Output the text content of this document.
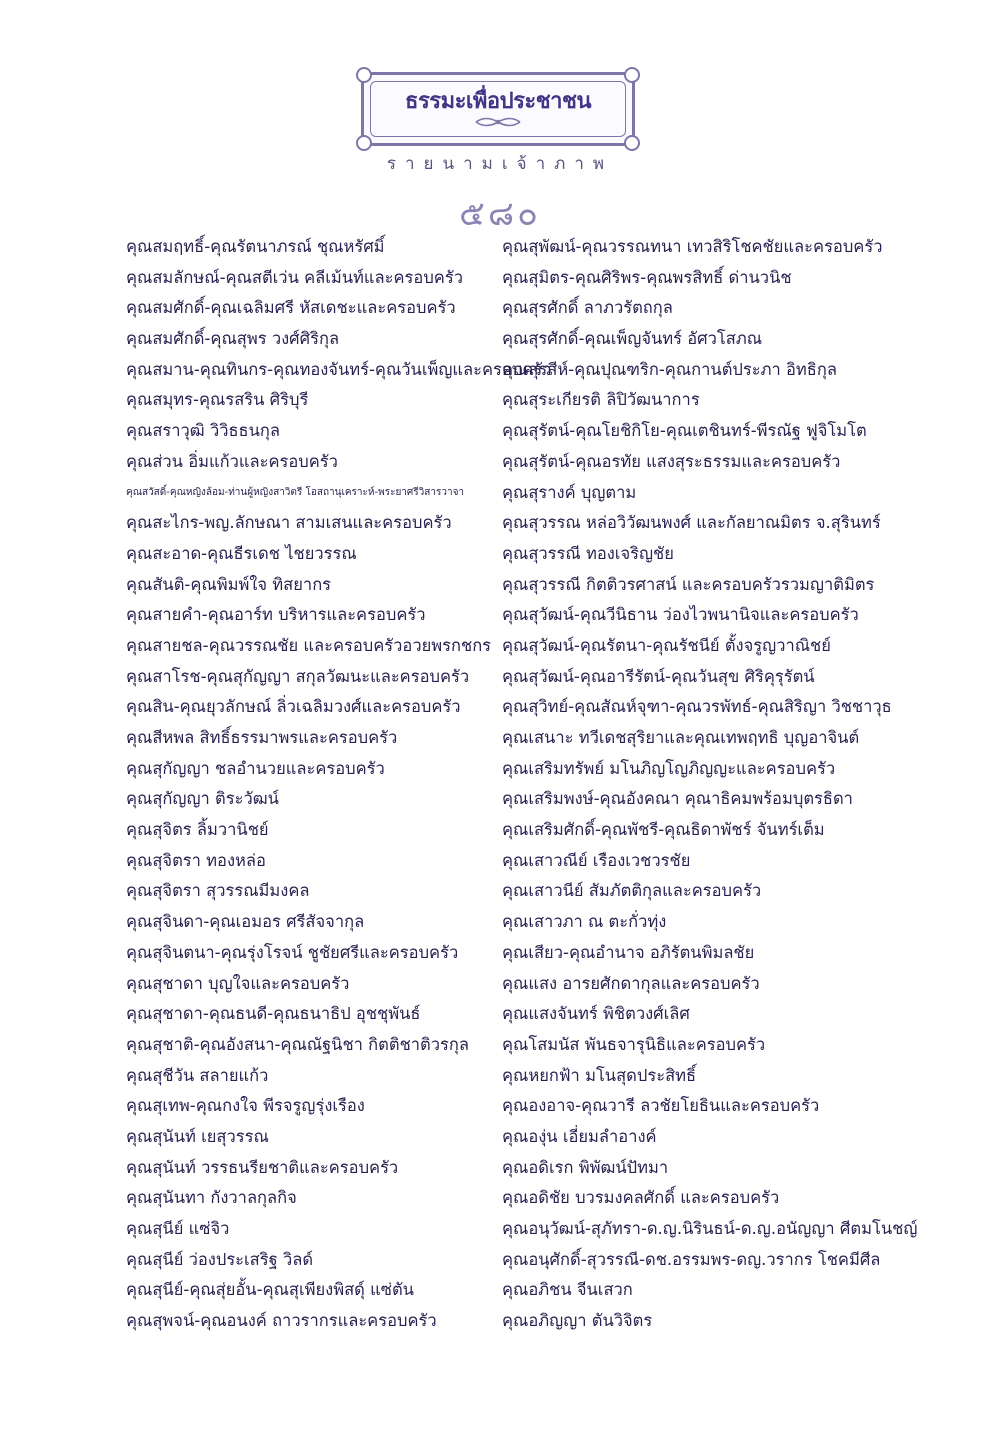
ธรรมะเพื่อประชาชน
รายนามเจ้าภาพ
๕๘๐
คุณสมฤทธิ์-คุณรัตนาภรณ์ ชุณหรัศมิ์
คุณสมลักษณ์-คุณสตีเว่น คลีเม้นท์และครอบครัว
คุณสมศักดิ์-คุณเฉลิมศรี หัสเดชะและครอบครัว
คุณสมศักดิ์-คุณสุพร วงศ์ศิริกุล
คุณสมาน-คุณทินกร-คุณทองจันทร์-คุณวันเพ็ญและครอบครัว
คุณสมุทร-คุณรสริน ศิริบุรี
คุณสราวุฒิ วิวิธธนกุล
คุณส่วน อิ่มแก้วและครอบครัว
คุณสวัสดิ์-คุณหญิงล้อม-ท่านผู้หญิงสาวิตรี โอสถานุเคราะห์-พระยาศรีวิสารวาจา
คุณสะไกร-พญ.ลักษณา สามเสนและครอบครัว
คุณสะอาด-คุณธีรเดช ไชยวรรณ
คุณสันติ-คุณพิมพ์ใจ ทิสยากร
คุณสายคำ-คุณอาร์ท บริหารและครอบครัว
คุณสายชล-คุณวรรณชัย และครอบครัวอวยพรกชกร
คุณสาโรช-คุณสุกัญญา สกุลวัฒนะและครอบครัว
คุณสิน-คุณยุวลักษณ์ ลิ่วเฉลิมวงศ์และครอบครัว
คุณสีหพล สิทธิ์ธรรมาพรและครอบครัว
คุณสุกัญญา ชลอำนวยและครอบครัว
คุณสุกัญญา ติระวัฒน์
คุณสุจิตร ลิ้มวานิชย์
คุณสุจิตรา ทองหล่อ
คุณสุจิตรา สุวรรณมีมงคล
คุณสุจินดา-คุณเอมอร ศรีสัจจากุล
คุณสุจินตนา-คุณรุ่งโรจน์ ชูชัยศรีและครอบครัว
คุณสุชาดา บุญใจและครอบครัว
คุณสุชาดา-คุณธนดี-คุณธนาธิป อุชชุพันธ์
คุณสุชาติ-คุณอังสนา-คุณณัฐนิชา กิตติชาติวรกุล
คุณสุชีวัน สลายแก้ว
คุณสุเทพ-คุณกงใจ พีรจรูญรุ่งเรือง
คุณสุนันท์ เยสุวรรณ
คุณสุนันท์ วรรธนรียชาติและครอบครัว
คุณสุนันทา กังวาลกุลกิจ
คุณสุนีย์ แซ่จิว
คุณสุนีย์ ว่องประเสริฐ วิลด์
คุณสุนีย์-คุณสุ่ยอั้น-คุณสุเพียงพิสดุ์ แซ่ตัน
คุณสุพจน์-คุณอนงค์ ถาวรากรและครอบครัว
คุณสุพัฒน์-คุณวรรณทนา เทวสิริโชคชัยและครอบครัว
คุณสุมิตร-คุณศิริพร-คุณพรสิทธิ์ ด่านวนิช
คุณสุรศักดิ์ ลาภวรัตถกุล
คุณสุรศักดิ์-คุณเพ็ญจันทร์ อัศวโสภณ
คุณสุรสีห์-คุณปุณฑริก-คุณกานต์ประภา อิทธิกุล
คุณสุระเกียรติ ลิปิวัฒนาการ
คุณสุรัตน์-คุณโยชิกิโย-คุณเตชินทร์-พีรณัฐ ฟูจิโมโต
คุณสุรัตน์-คุณอรทัย แสงสุระธรรมและครอบครัว
คุณสุรางค์ บุญตาม
คุณสุวรรณ หล่อวิวัฒนพงศ์ และกัลยาณมิตร จ.สุรินทร์
คุณสุวรรณี ทองเจริญชัย
คุณสุวรรณี กิตติวรศาสน์ และครอบครัวรวมญาติมิตร
คุณสุวัฒน์-คุณวีนิธาน ว่องไวพนานิจและครอบครัว
คุณสุวัฒน์-คุณรัตนา-คุณรัชนีย์ ตั้งจรูญวาณิชย์
คุณสุวัฒน์-คุณอารีรัตน์-คุณวันสุข ศิริคุรุรัตน์
คุณสุวิทย์-คุณสัณห์จุฑา-คุณวรพัทธ์-คุณสิริญา วิชชาวุธ
คุณเสนาะ ทวีเดชสุริยาและคุณเทพฤทธิ บุญอาจินต์
คุณเสริมทรัพย์ มโนภิญโญภิญญะและครอบครัว
คุณเสริมพงษ์-คุณอังคณา คุณาธิคมพร้อมบุตรธิดา
คุณเสริมศักดิ์-คุณพัชรี-คุณธิดาพัชร์ จันทร์เต็ม
คุณเสาวณีย์ เรืองเวชวรชัย
คุณเสาวนีย์ สัมภัตติกุลและครอบครัว
คุณเสาวภา ณ ตะกั่วทุ่ง
คุณเสียว-คุณอำนาจ อภิรัตนพิมลชัย
คุณแสง อารยศักดากุลและครอบครัว
คุณแสงจันทร์ พิชิตวงศ์เลิศ
คุณโสมนัส พันธจารุนิธิและครอบครัว
คุณหยกฟ้า มโนสุดประสิทธิ์
คุณองอาจ-คุณวารี ลวชัยโยธินและครอบครัว
คุณองุ่น เอี่ยมลำอางค์
คุณอดิเรก พิพัฒน์ปัทมา
คุณอดิชัย บวรมงคลศักดิ์ และครอบครัว
คุณอนุวัฒน์-สุภัทรา-ด.ญ.นิรินธน์-ด.ญ.อนัญญา ศีตมโนชญ์
คุณอนุศักดิ์-สุวรรณี-ดช.อรรมพร-ดญ.วรากร โชคมีศีล
คุณอภิชน จีนเสวก
คุณอภิญญา ตันวิจิตร
